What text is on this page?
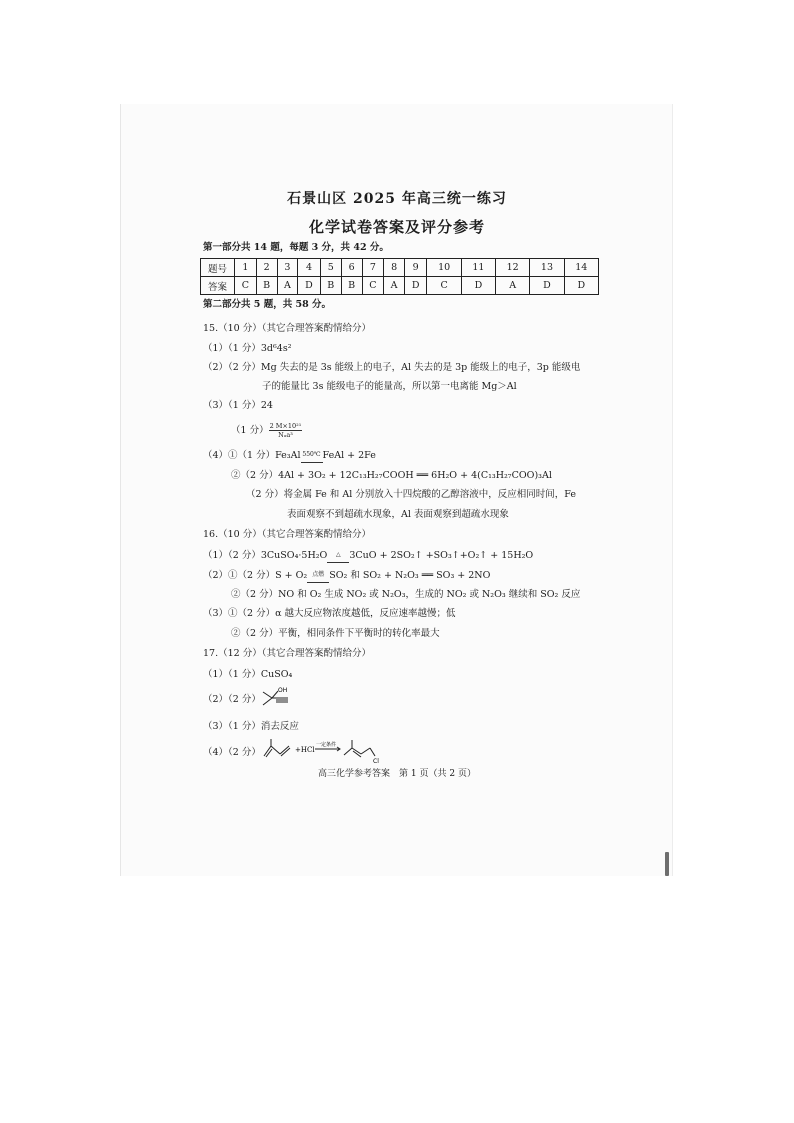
石景山区 2025 年高三统一练习
化学试卷答案及评分参考
第一部分共 14 题，每题 3 分，共 42 分。
题号	1	2	3	4	5	6	7	8	9	10	11	12	13	14
答案	C	B	A	D	B	B	C	A	D	C	D	A	D	D
第二部分共 5 题，共 58 分。
15.（10 分）（其它合理答案酌情给分）
（1）（1 分）3d⁶4s²
（2）（2 分）Mg 失去的是 3s 能级上的电子，Al 失去的是 3p 能级上的电子，3p 能级电
子的能量比 3s 能级电子的能量高，所以第一电离能 Mg＞Al
（3）（1 分）24
（1 分） $\frac{\text{2 M×10²¹}}{\text{Nₐa³}}$
（4）①（1 分）Fe₃Al 550℃ FeAl + 2Fe
②（2 分）4Al + 3O₂ + 12C₁₃H₂₇COOH ══ 6H₂O + 4(C₁₃H₂₇COO)₃Al
（2 分）将金属 Fe 和 Al 分别放入十四烷酸的乙醇溶液中，反应相同时间，Fe
表面观察不到超疏水现象，Al 表面观察到超疏水现象
16.（10 分）（其它合理答案酌情给分）
（1）（2 分）3CuSO₄·5H₂O △ 3CuO + 2SO₂↑ +SO₃↑+O₂↑ + 15H₂O
（2）①（2 分）S + O₂ 点燃 SO₂ 和 SO₂ + N₂O₃ ══ SO₃ + 2NO
②（2 分）NO 和 O₂ 生成 NO₂ 或 N₂O₃，生成的 NO₂ 或 N₂O₃ 继续和 SO₂ 反应
（3）①（2 分）α 越大反应物浓度越低，反应速率越慢；低
②（2 分）平衡，相同条件下平衡时的转化率最大
17.（12 分）（其它合理答案酌情给分）
（1）（1 分）CuSO₄
（2）（2 分）
OH
（3）（1 分）消去反应
（4）（2 分）	+HCl
一定条件
Cl
高三化学参考答案　第 1 页（共 2 页）
